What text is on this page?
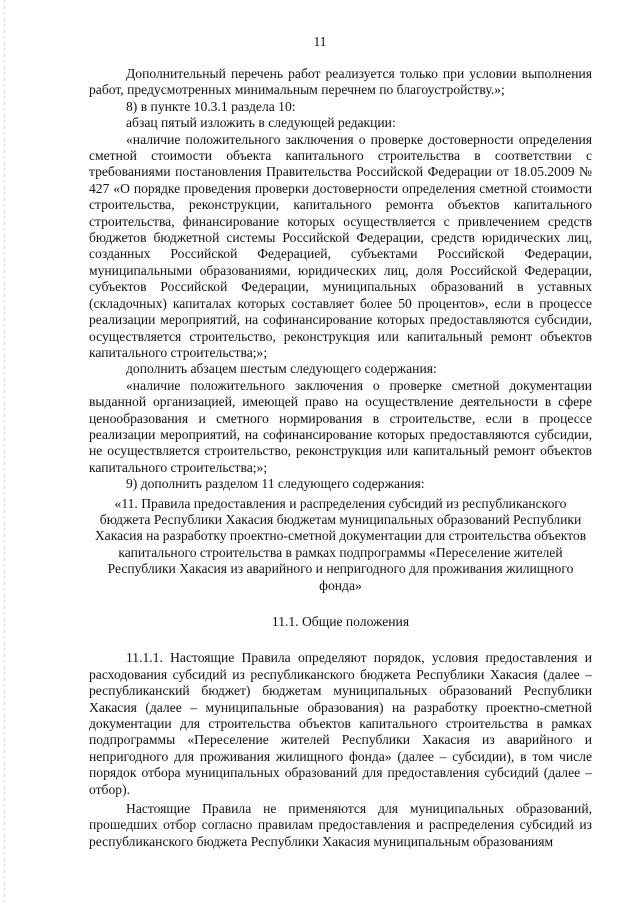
11

Дополнительный перечень работ реализуется только при условии выполнения работ, предусмотренных минимальным перечнем по благоустройству.»;

8) в пункте 10.3.1 раздела 10:

абзац пятый изложить в следующей редакции:

«наличие положительного заключения о проверке достоверности определения сметной стоимости объекта капитального строительства в соответствии с требованиями постановления Правительства Российской Федерации от 18.05.2009 № 427 «О порядке проведения проверки достоверности определения сметной стоимости строительства, реконструкции, капитального ремонта объектов капитального строительства, финансирование которых осуществляется с привлечением средств бюджетов бюджетной системы Российской Федерации, средств юридических лиц, созданных Российской Федерацией, субъектами Российской Федерации, муниципальными образованиями, юридических лиц, доля Российской Федерации, субъектов Российской Федерации, муниципальных образований в уставных (складочных) капиталах которых составляет более 50 процентов», если в процессе реализации мероприятий, на софинансирование которых предоставляются субсидии, осуществляется строительство, реконструкция или капитальный ремонт объектов капитального строительства;»;

дополнить абзацем шестым следующего содержания:

«наличие положительного заключения о проверке сметной документации выданной организацией, имеющей право на осуществление деятельности в сфере ценообразования и сметного нормирования в строительстве, если в процессе реализации мероприятий, на софинансирование которых предоставляются субсидии, не осуществляется строительство, реконструкция или капитальный ремонт объектов капитального строительства;»;

9) дополнить разделом 11 следующего содержания:

«11. Правила предоставления и распределения субсидий из республиканского бюджета Республики Хакасия бюджетам муниципальных образований Республики Хакасия на разработку проектно-сметной документации для строительства объектов капитального строительства в рамках подпрограммы «Переселение жителей Республики Хакасия из аварийного и непригодного для проживания жилищного фонда»

11.1. Общие положения

11.1.1. Настоящие Правила определяют порядок, условия предоставления и расходования субсидий из республиканского бюджета Республики Хакасия (далее – республиканский бюджет) бюджетам муниципальных образований Республики Хакасия (далее – муниципальные образования) на разработку проектно-сметной документации для строительства объектов капитального строительства в рамках подпрограммы «Переселение жителей Республики Хакасия из аварийного и непригодного для проживания жилищного фонда» (далее – субсидии), в том числе порядок отбора муниципальных образований для предоставления субсидий (далее – отбор).

Настоящие Правила не применяются для муниципальных образований, прошедших отбор согласно правилам предоставления и распределения субсидий из республиканского бюджета Республики Хакасия муниципальным образованиям
